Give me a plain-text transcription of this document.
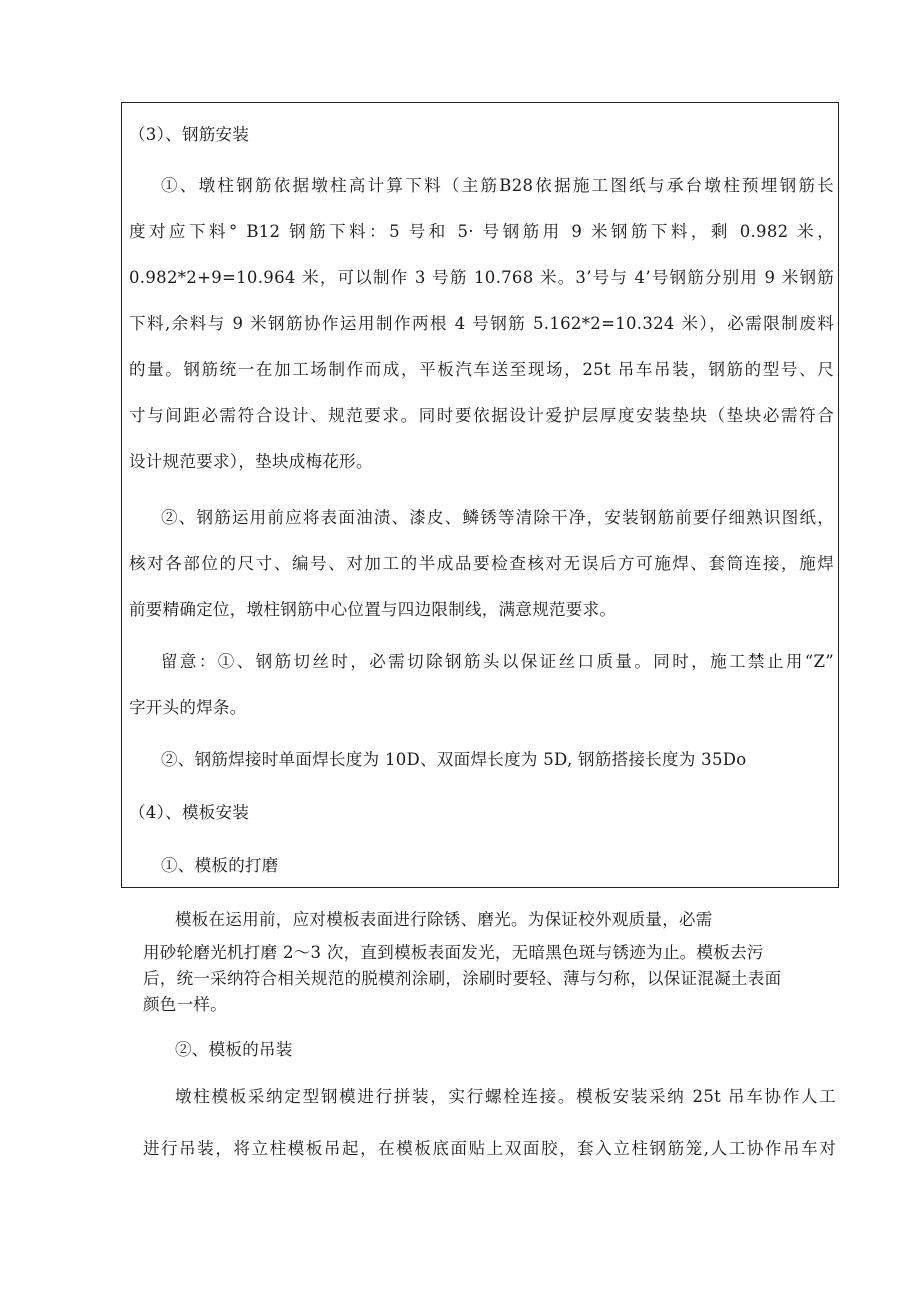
（3）、钢筋安装
①、墩柱钢筋依据墩柱高计算下料（主筋B28依据施工图纸与承台墩柱预埋钢筋长
度对应下料° B12 钢筋下料：5 号和 5· 号钢筋用 9 米钢筋下料，剩 0.982 米，
0.982*2+9=10.964 米，可以制作 3 号筋 10.768 米。3’号与 4’号钢筋分别用 9 米钢筋
下料,余料与 9 米钢筋协作运用制作两根 4 号钢筋 5.162*2=10.324 米），必需限制废料
的量。钢筋统一在加工场制作而成，平板汽车送至现场，25t 吊车吊装，钢筋的型号、尺
寸与间距必需符合设计、规范要求。同时要依据设计爱护层厚度安装垫块（垫块必需符合
设计规范要求），垫块成梅花形。
②、钢筋运用前应将表面油渍、漆皮、鳞锈等清除干净，安装钢筋前要仔细熟识图纸，
核对各部位的尺寸、编号、对加工的半成品要检查核对无误后方可施焊、套筒连接，施焊
前要精确定位，墩柱钢筋中心位置与四边限制线，满意规范要求。
留意：①、钢筋切丝时，必需切除钢筋头以保证丝口质量。同时，施工禁止用“Z”
字开头的焊条。
②、钢筋焊接时单面焊长度为 10D、双面焊长度为 5D, 钢筋搭接长度为 35Do
（4）、模板安装
①、模板的打磨
模板在运用前，应对模板表面进行除锈、磨光。为保证校外观质量，必需
用砂轮磨光机打磨 2～3 次，直到模板表面发光，无暗黑色斑与锈迹为止。模板去污
后，统一采纳符合相关规范的脱模剂涂刷，涂刷时要轻、薄与匀称，以保证混凝土表面
颜色一样。
②、模板的吊装
墩柱模板采纳定型钢模进行拼装，实行螺栓连接。模板安装采纳 25t 吊车协作人工
进行吊装，将立柱模板吊起，在模板底面贴上双面胶，套入立柱钢筋笼,人工协作吊车对
